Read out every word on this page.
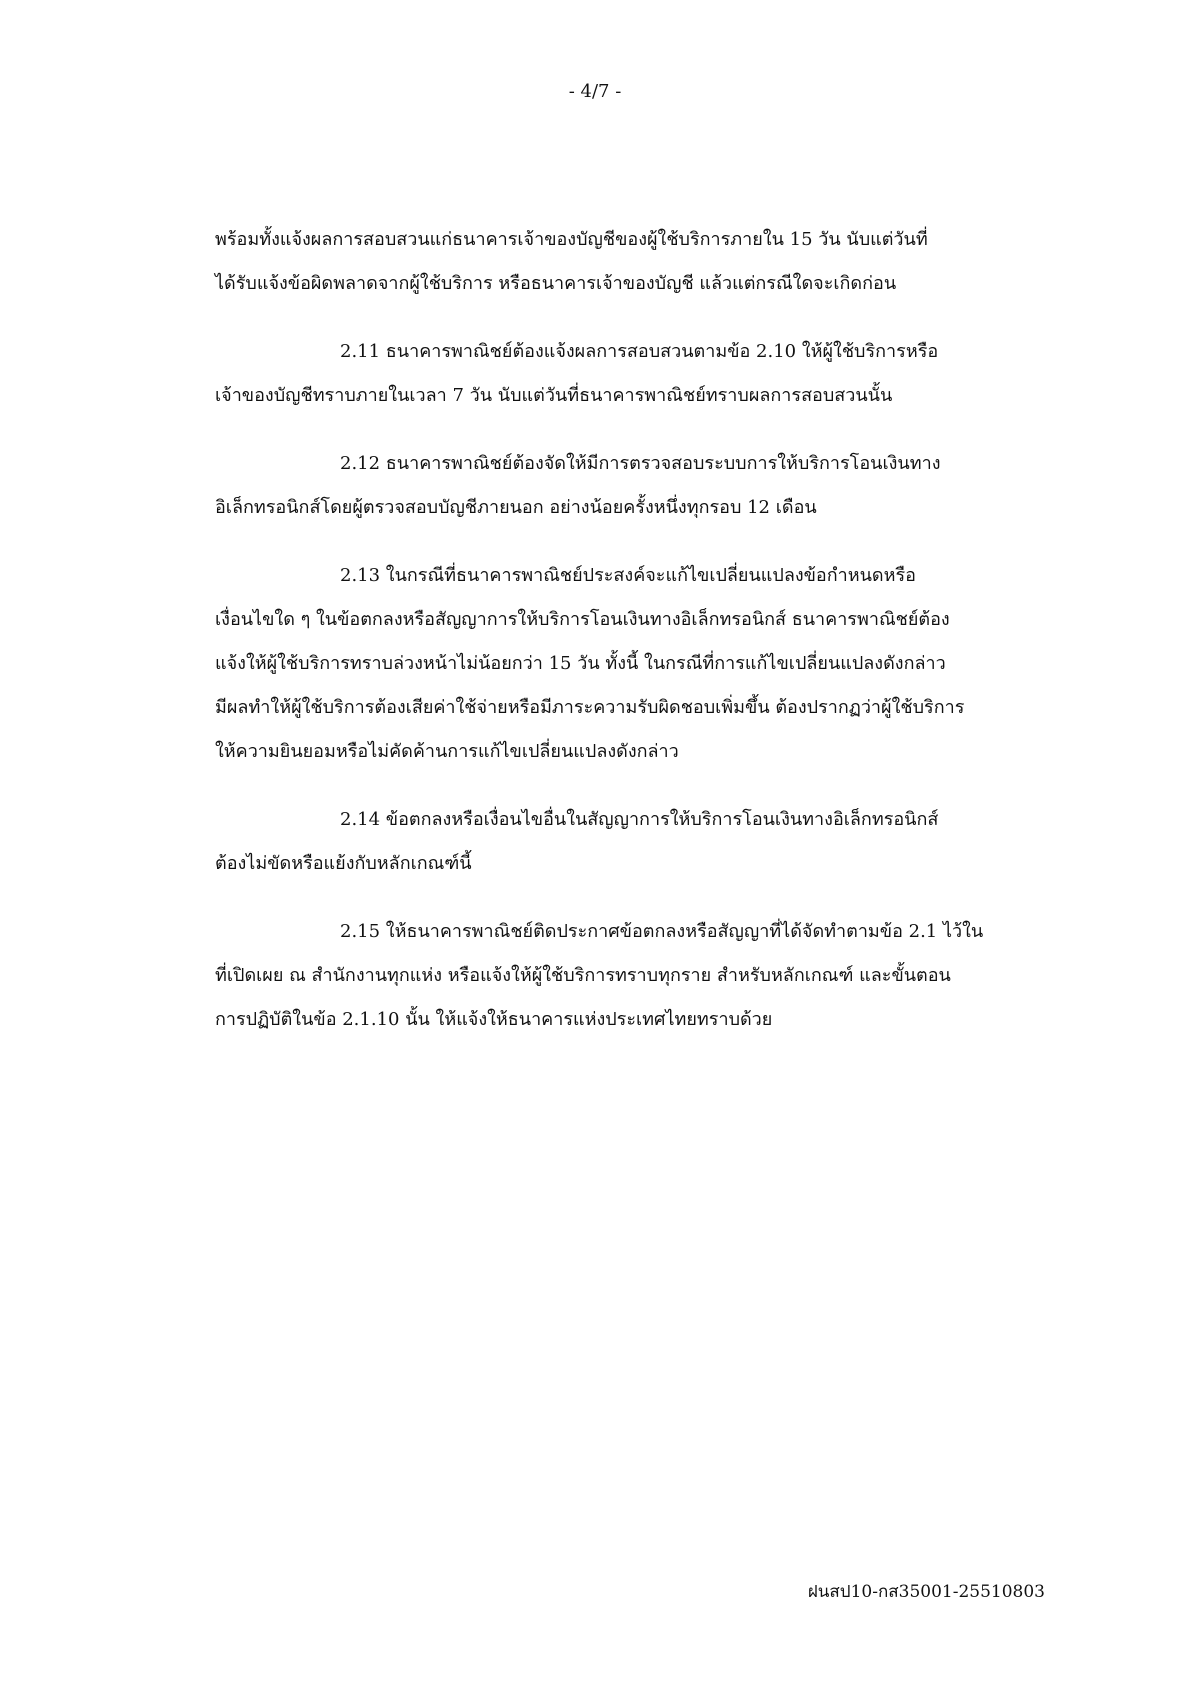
- 4/7 -
พร้อมทั้งแจ้งผลการสอบสวนแก่ธนาคารเจ้าของบัญชีของผู้ใช้บริการภายใน 15 วัน นับแต่วันที่
ได้รับแจ้งข้อผิดพลาดจากผู้ใช้บริการ หรือธนาคารเจ้าของบัญชี แล้วแต่กรณีใดจะเกิดก่อน
2.11 ธนาคารพาณิชย์ต้องแจ้งผลการสอบสวนตามข้อ 2.10 ให้ผู้ใช้บริการหรือ
เจ้าของบัญชีทราบภายในเวลา 7 วัน นับแต่วันที่ธนาคารพาณิชย์ทราบผลการสอบสวนนั้น
2.12 ธนาคารพาณิชย์ต้องจัดให้มีการตรวจสอบระบบการให้บริการโอนเงินทาง
อิเล็กทรอนิกส์โดยผู้ตรวจสอบบัญชีภายนอก อย่างน้อยครั้งหนึ่งทุกรอบ 12 เดือน
2.13 ในกรณีที่ธนาคารพาณิชย์ประสงค์จะแก้ไขเปลี่ยนแปลงข้อกำหนดหรือ
เงื่อนไขใด ๆ ในข้อตกลงหรือสัญญาการให้บริการโอนเงินทางอิเล็กทรอนิกส์ ธนาคารพาณิชย์ต้อง
แจ้งให้ผู้ใช้บริการทราบล่วงหน้าไม่น้อยกว่า 15 วัน ทั้งนี้ ในกรณีที่การแก้ไขเปลี่ยนแปลงดังกล่าว
มีผลทำให้ผู้ใช้บริการต้องเสียค่าใช้จ่ายหรือมีภาระความรับผิดชอบเพิ่มขึ้น ต้องปรากฏว่าผู้ใช้บริการ
ให้ความยินยอมหรือไม่คัดค้านการแก้ไขเปลี่ยนแปลงดังกล่าว
2.14 ข้อตกลงหรือเงื่อนไขอื่นในสัญญาการให้บริการโอนเงินทางอิเล็กทรอนิกส์
ต้องไม่ขัดหรือแย้งกับหลักเกณฑ์นี้
2.15 ให้ธนาคารพาณิชย์ติดประกาศข้อตกลงหรือสัญญาที่ได้จัดทำตามข้อ 2.1 ไว้ใน
ที่เปิดเผย ณ สำนักงานทุกแห่ง หรือแจ้งให้ผู้ใช้บริการทราบทุกราย สำหรับหลักเกณฑ์ และขั้นตอน
การปฏิบัติในข้อ 2.1.10 นั้น ให้แจ้งให้ธนาคารแห่งประเทศไทยทราบด้วย
ฝนสป10-กส35001-25510803
